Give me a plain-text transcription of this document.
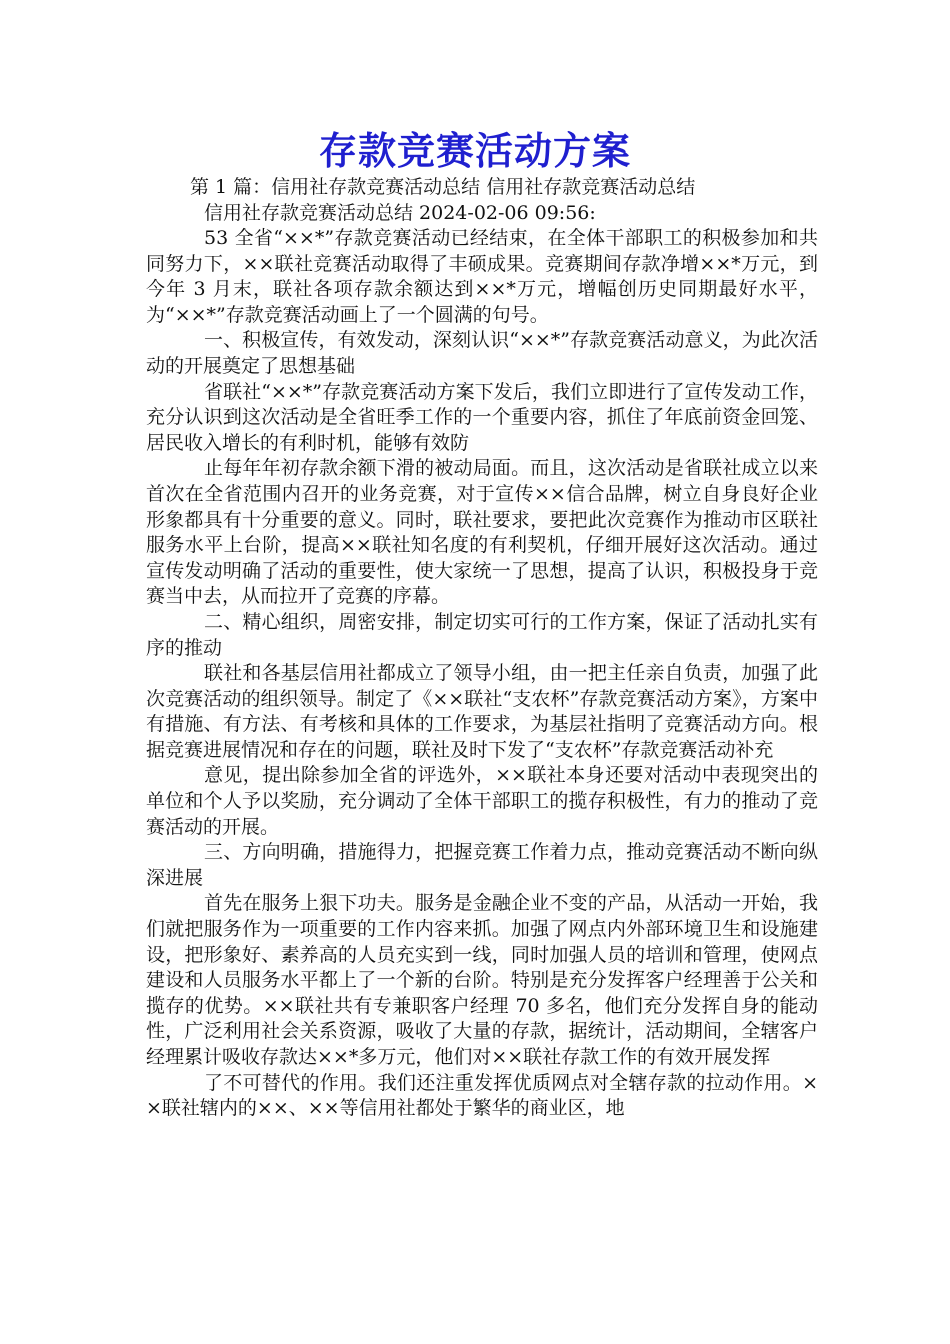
存款竞赛活动方案
第 1 篇：信用社存款竞赛活动总结 信用社存款竞赛活动总结
信用社存款竞赛活动总结 2024-02-06 09:56:

53 全省“××*”存款竞赛活动已经结束，在全体干部职工的积极参加和共同努力下，××联社竞赛活动取得了丰硕成果。竞赛期间存款净增××*万元，到今年 3 月末，联社各项存款余额达到××*万元，增幅创历史同期最好水平，为“××*”存款竞赛活动画上了一个圆满的句号。

一、积极宣传，有效发动，深刻认识“××*”存款竞赛活动意义，为此次活动的开展奠定了思想基础

省联社“××*”存款竞赛活动方案下发后，我们立即进行了宣传发动工作，充分认识到这次活动是全省旺季工作的一个重要内容，抓住了年底前资金回笼、居民收入增长的有利时机，能够有效防

止每年年初存款余额下滑的被动局面。而且，这次活动是省联社成立以来首次在全省范围内召开的业务竞赛，对于宣传××信合品牌，树立自身良好企业形象都具有十分重要的意义。同时，联社要求，要把此次竞赛作为推动市区联社服务水平上台阶，提高××联社知名度的有利契机，仔细开展好这次活动。通过宣传发动明确了活动的重要性，使大家统一了思想，提高了认识，积极投身于竞赛当中去，从而拉开了竞赛的序幕。

二、精心组织，周密安排，制定切实可行的工作方案，保证了活动扎实有序的推动

联社和各基层信用社都成立了领导小组，由一把主任亲自负责，加强了此次竞赛活动的组织领导。制定了《××联社“支农杯”存款竞赛活动方案》，方案中有措施、有方法、有考核和具体的工作要求，为基层社指明了竞赛活动方向。根据竞赛进展情况和存在的问题，联社及时下发了“支农杯”存款竞赛活动补充

意见，提出除参加全省的评选外，××联社本身还要对活动中表现突出的单位和个人予以奖励，充分调动了全体干部职工的揽存积极性，有力的推动了竞赛活动的开展。

三、方向明确，措施得力，把握竞赛工作着力点，推动竞赛活动不断向纵深进展

首先在服务上狠下功夫。服务是金融企业不变的产品，从活动一开始，我们就把服务作为一项重要的工作内容来抓。加强了网点内外部环境卫生和设施建设，把形象好、素养高的人员充实到一线，同时加强人员的培训和管理，使网点建设和人员服务水平都上了一个新的台阶。特别是充分发挥客户经理善于公关和揽存的优势。××联社共有专兼职客户经理 70 多名，他们充分发挥自身的能动性，广泛利用社会关系资源，吸收了大量的存款，据统计，活动期间，全辖客户经理累计吸收存款达××*多万元，他们对××联社存款工作的有效开展发挥

了不可替代的作用。我们还注重发挥优质网点对全辖存款的拉动作用。××联社辖内的××、××等信用社都处于繁华的商业区，地
